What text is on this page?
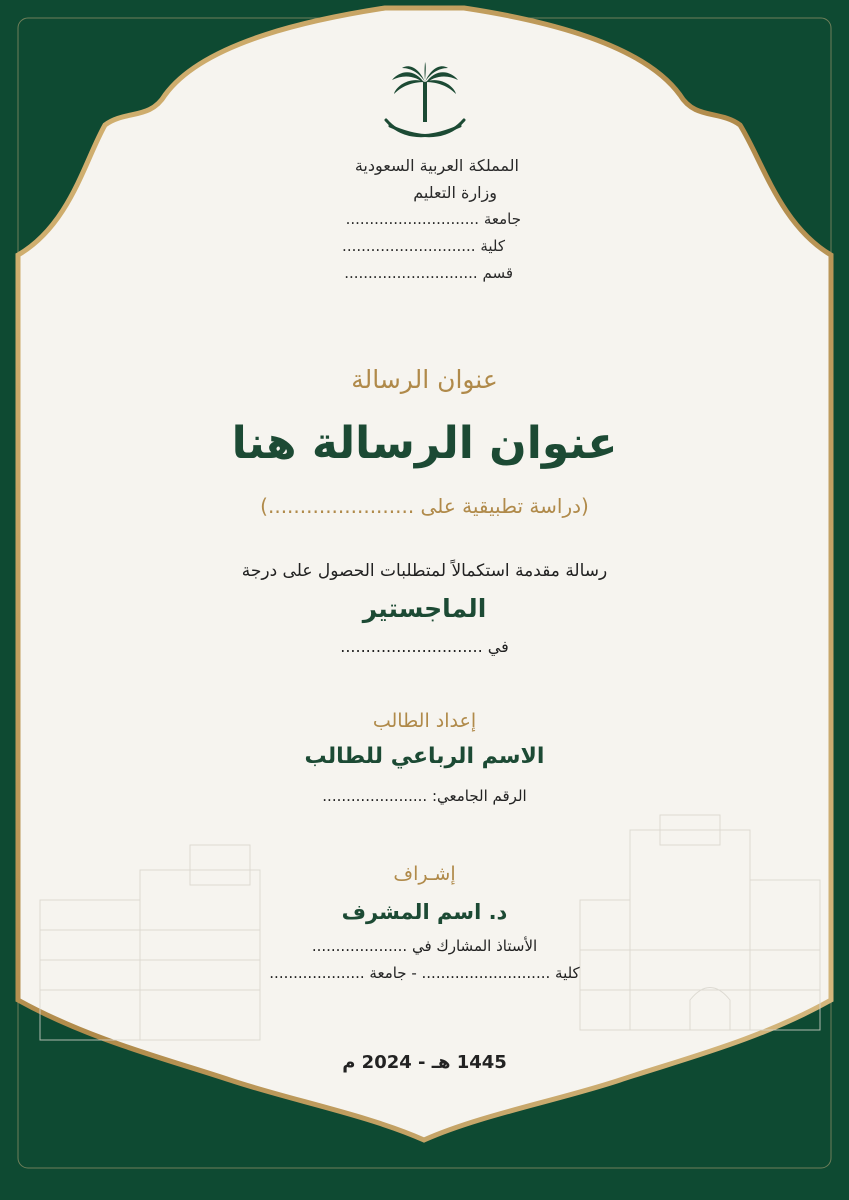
المملكة العربية السعودية
وزارة التعليم
جامعة ............................
كلية ............................
قسم ............................
عنوان الرسالة
عنوان الرسالة هنا
(دراسة تطبيقية على .......................)
رسالة مقدمة استكمالاً لمتطلبات الحصول على درجة
الماجستير
في ............................
إعداد الطالب
الاسم الرباعي للطالب
الرقم الجامعي: ......................
إشـراف
د. اسم المشرف
الأستاذ المشارك في ....................
كلية ........................... - جامعة ....................
1445 هـ - 2024 م
